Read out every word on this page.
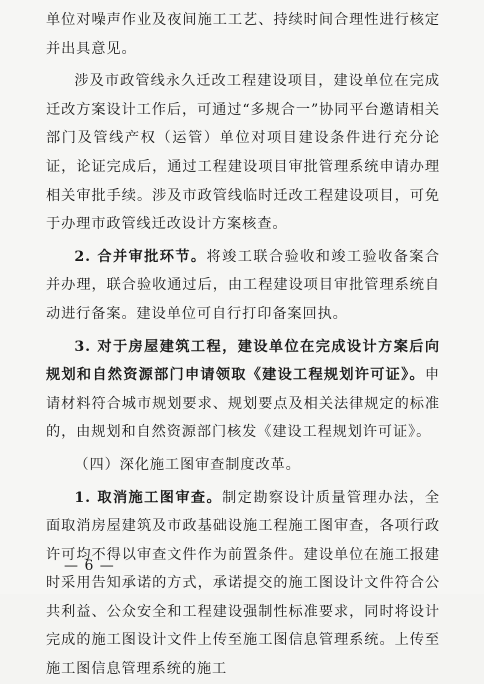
单位对噪声作业及夜间施工工艺、持续时间合理性进行核定并出具意见。

涉及市政管线永久迁改工程建设项目，建设单位在完成迁改方案设计工作后，可通过“多规合一”协同平台邀请相关部门及管线产权（运管）单位对项目建设条件进行充分论证，论证完成后，通过工程建设项目审批管理系统申请办理相关审批手续。涉及市政管线临时迁改工程建设项目，可免于办理市政管线迁改设计方案核查。

2. 合并审批环节。将竣工联合验收和竣工验收备案合并办理，联合验收通过后，由工程建设项目审批管理系统自动进行备案。建设单位可自行打印备案回执。

3. 对于房屋建筑工程，建设单位在完成设计方案后向规划和自然资源部门申请领取《建设工程规划许可证》。申请材料符合城市规划要求、规划要点及相关法律规定的标准的，由规划和自然资源部门核发《建设工程规划许可证》。

（四）深化施工图审查制度改革。

1. 取消施工图审查。制定勘察设计质量管理办法，全面取消房屋建筑及市政基础设施工程施工图审查，各项行政许可均不得以审查文件作为前置条件。建设单位在施工报建时采用告知承诺的方式，承诺提交的施工图设计文件符合公共利益、公众安全和工程建设强制性标准要求，同时将设计完成的施工图设计文件上传至施工图信息管理系统。上传至施工图信息管理系统的施工

— 6 —
